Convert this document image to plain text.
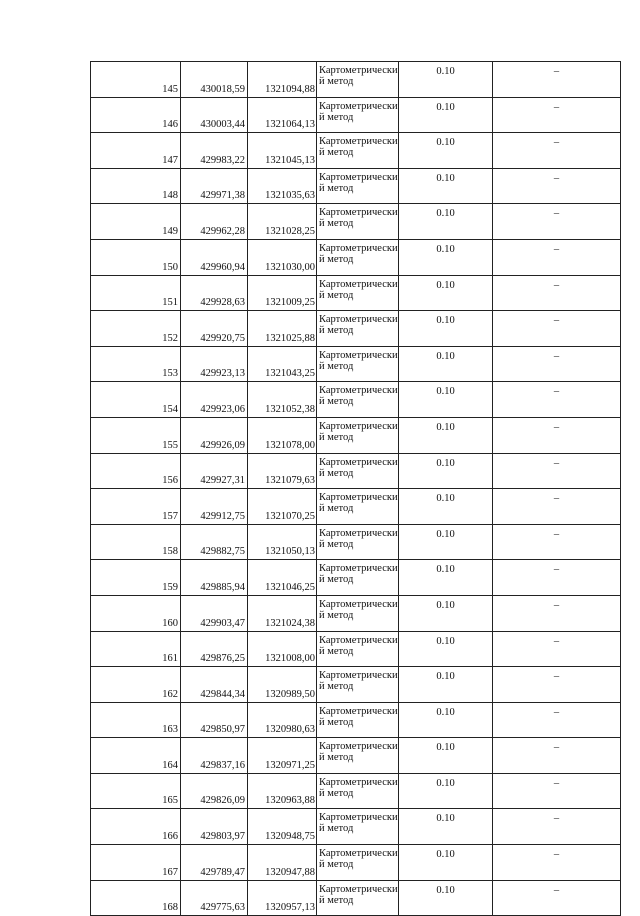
145	430018,59	1321094,88	Картометрический метод	0.10	–
146	430003,44	1321064,13	Картометрический метод	0.10	–
147	429983,22	1321045,13	Картометрический метод	0.10	–
148	429971,38	1321035,63	Картометрический метод	0.10	–
149	429962,28	1321028,25	Картометрический метод	0.10	–
150	429960,94	1321030,00	Картометрический метод	0.10	–
151	429928,63	1321009,25	Картометрический метод	0.10	–
152	429920,75	1321025,88	Картометрический метод	0.10	–
153	429923,13	1321043,25	Картометрический метод	0.10	–
154	429923,06	1321052,38	Картометрический метод	0.10	–
155	429926,09	1321078,00	Картометрический метод	0.10	–
156	429927,31	1321079,63	Картометрический метод	0.10	–
157	429912,75	1321070,25	Картометрический метод	0.10	–
158	429882,75	1321050,13	Картометрический метод	0.10	–
159	429885,94	1321046,25	Картометрический метод	0.10	–
160	429903,47	1321024,38	Картометрический метод	0.10	–
161	429876,25	1321008,00	Картометрический метод	0.10	–
162	429844,34	1320989,50	Картометрический метод	0.10	–
163	429850,97	1320980,63	Картометрический метод	0.10	–
164	429837,16	1320971,25	Картометрический метод	0.10	–
165	429826,09	1320963,88	Картометрический метод	0.10	–
166	429803,97	1320948,75	Картометрический метод	0.10	–
167	429789,47	1320947,88	Картометрический метод	0.10	–
168	429775,63	1320957,13	Картометрический метод	0.10	–
